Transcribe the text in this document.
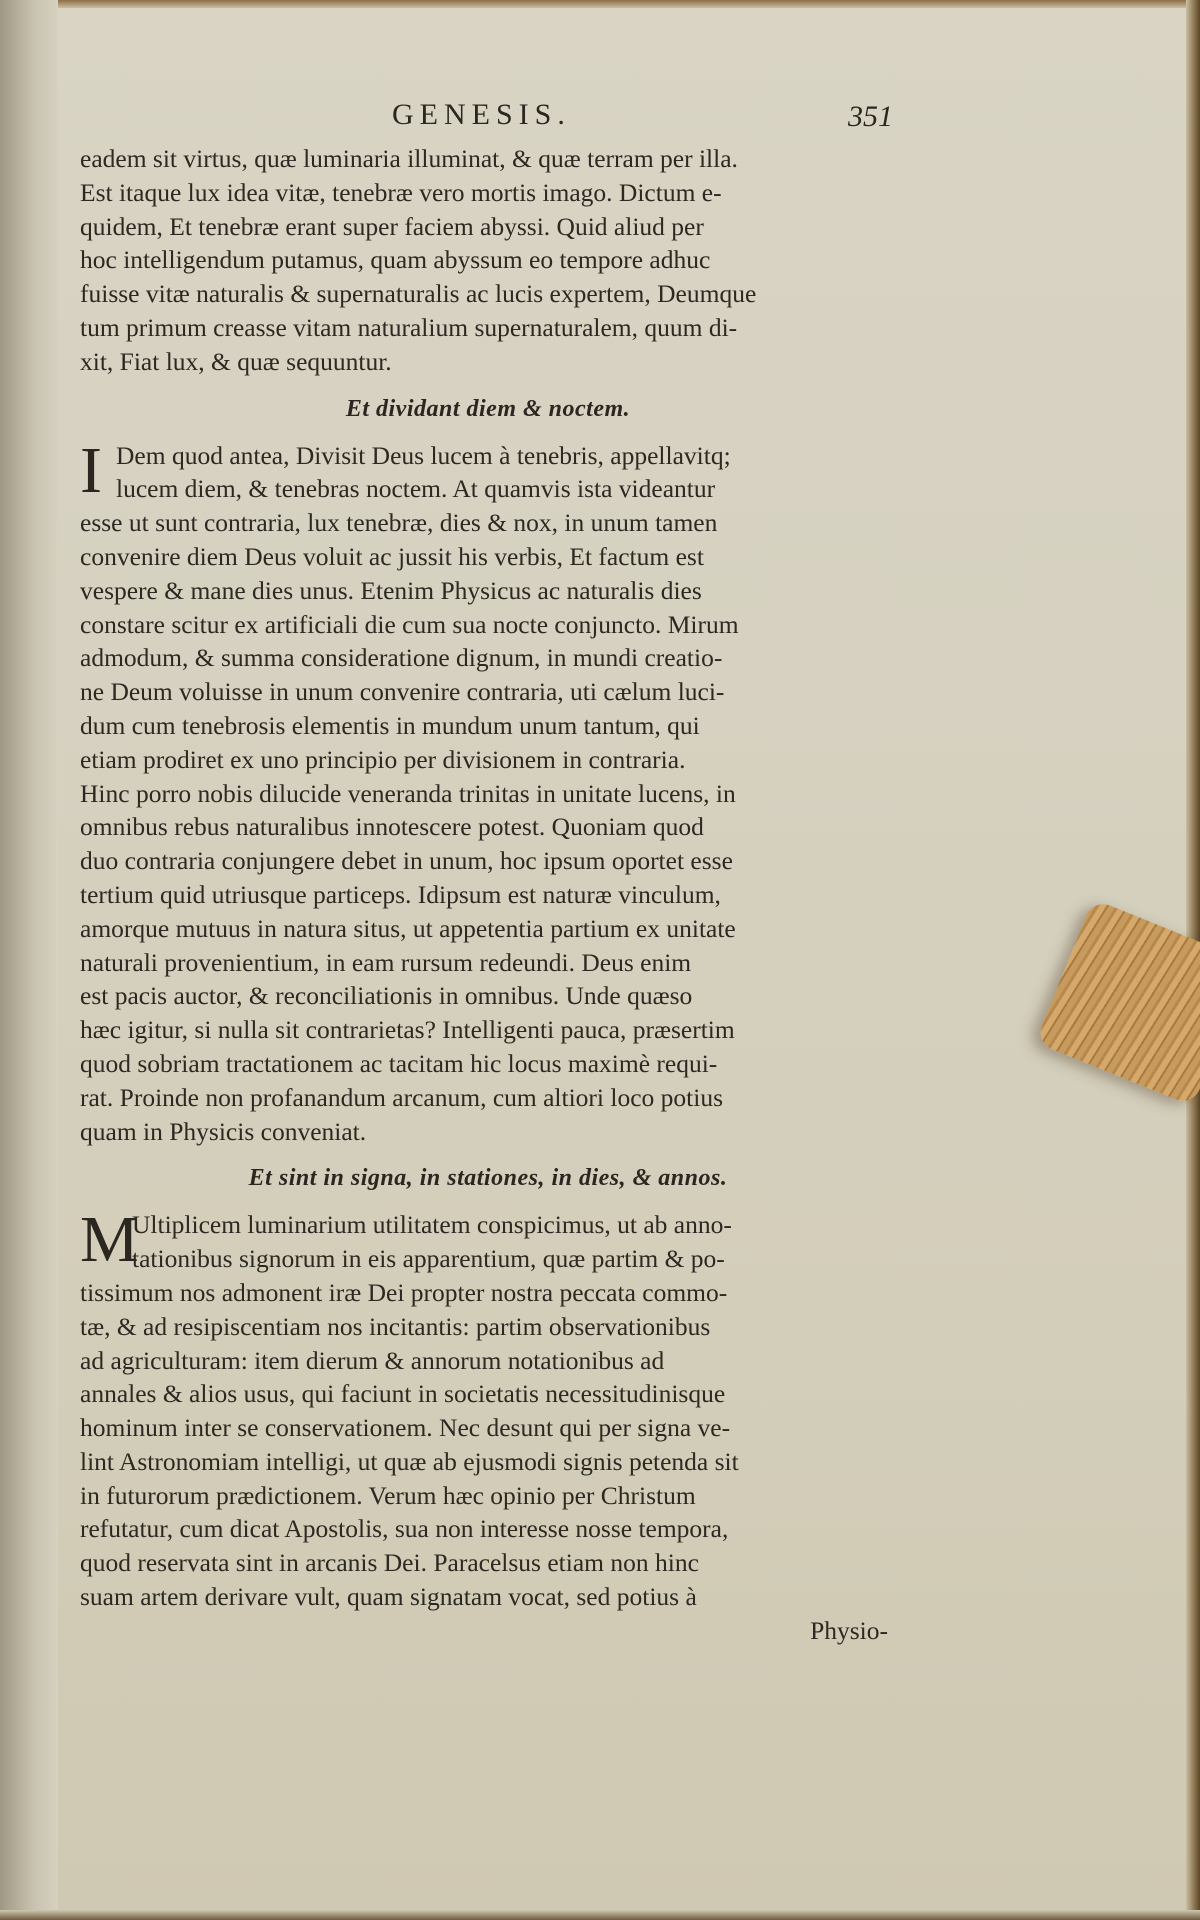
GENESIS.	351
eadem sit virtus, quæ luminaria illuminat, & quæ terram per illa.
Est itaque lux idea vitæ, tenebræ vero mortis imago. Dictum e-
quidem, Et tenebræ erant super faciem abyssi. Quid aliud per
hoc intelligendum putamus, quam abyssum eo tempore adhuc
fuisse vitæ naturalis & supernaturalis ac lucis expertem, Deumque
tum primum creasse vitam naturalium supernaturalem, quum di-
xit, Fiat lux, & quæ sequuntur.
Et dividant diem & noctem.
I Dem quod antea, Divisit Deus lucem à tenebris, appellavitq;
lucem diem, & tenebras noctem. At quamvis ista videantur
esse ut sunt contraria, lux tenebræ, dies & nox, in unum tamen
convenire diem Deus voluit ac jussit his verbis, Et factum est
vespere & mane dies unus. Etenim Physicus ac naturalis dies
constare scitur ex artificiali die cum sua nocte conjuncto. Mirum
admodum, & summa consideratione dignum, in mundi creatio-
ne Deum voluisse in unum convenire contraria, uti cælum luci-
dum cum tenebrosis elementis in mundum unum tantum, qui
etiam prodiret ex uno principio per divisionem in contraria.
Hinc porro nobis dilucide veneranda trinitas in unitate lucens, in
omnibus rebus naturalibus innotescere potest. Quoniam quod
duo contraria conjungere debet in unum, hoc ipsum oportet esse
tertium quid utriusque particeps. Idipsum est naturæ vinculum,
amorque mutuus in natura situs, ut appetentia partium ex unitate
naturali provenientium, in eam rursum redeundi. Deus enim
est pacis auctor, & reconciliationis in omnibus. Unde quæso
hæc igitur, si nulla sit contrarietas? Intelligenti pauca, præsertim
quod sobriam tractationem ac tacitam hic locus maximè requi-
rat. Proinde non profanandum arcanum, cum altiori loco potius
quam in Physicis conveniat.
Et sint in signa, in stationes, in dies, & annos.
M
Ultiplicem luminarium utilitatem conspicimus, ut ab anno-
tationibus signorum in eis apparentium, quæ partim & po-
tissimum nos admonent iræ Dei propter nostra peccata commo-
tæ, & ad resipiscentiam nos incitantis: partim observationibus
ad agriculturam: item dierum & annorum notationibus ad
annales & alios usus, qui faciunt in societatis necessitudinisque
hominum inter se conservationem. Nec desunt qui per signa ve-
lint Astronomiam intelligi, ut quæ ab ejusmodi signis petenda sit
in futurorum prædictionem. Verum hæc opinio per Christum
refutatur, cum dicat Apostolis, sua non interesse nosse tempora,
quod reservata sint in arcanis Dei. Paracelsus etiam non hinc
suam artem derivare vult, quam signatam vocat, sed potius à
Physio-
